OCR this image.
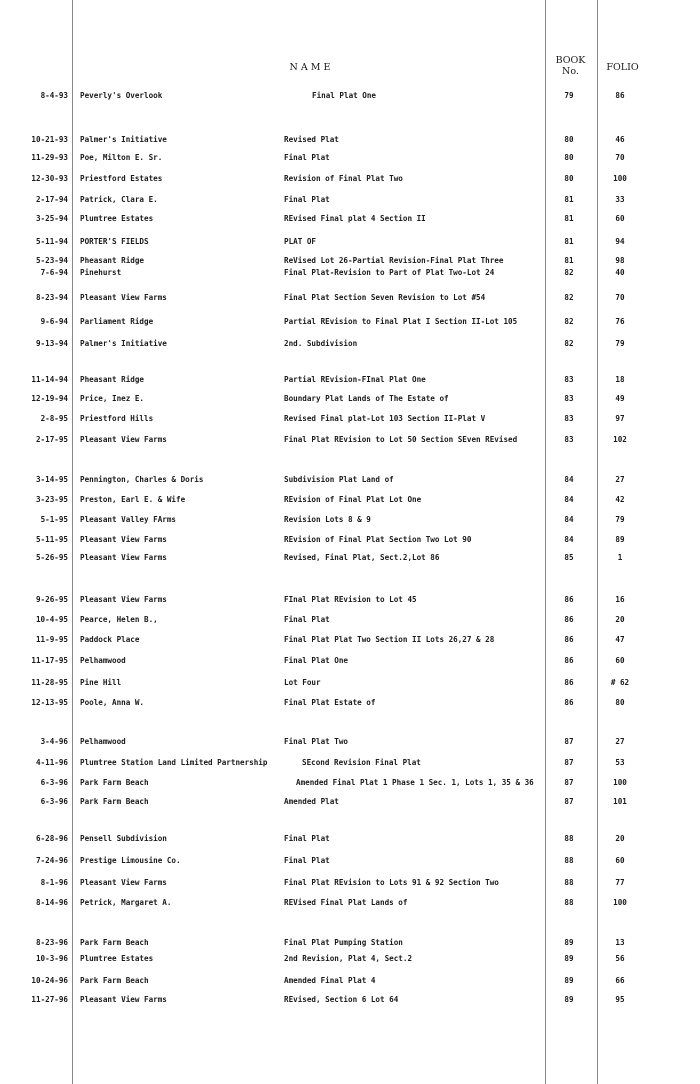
N A M E
BOOK
No.	FOLIO
8-4-93 Peverly's Overlook	Final Plat One	79	86
10-21-93 Palmer's Initiative	Revised Plat	80	46
11-29-93 Poe, Milton E. Sr.	Final Plat	80	70
12-30-93 Priestford Estates	Revision of Final Plat Two	80	100
2-17-94 Patrick, Clara E.	Final Plat	81	33
3-25-94 Plumtree Estates	REvised Final plat 4 Section II	81	60
5-11-94 PORTER'S FIELDS	PLAT OF	81	94
5-23-94 Pheasant Ridge	ReVised Lot 26-Partial Revision-Final Plat Three	81	98
7-6-94 Pinehurst	Final Plat-Revision to Part of Plat Two-Lot 24	82	40
8-23-94 Pleasant View Farms	Final Plat Section Seven Revision to Lot #54	82	70
9-6-94 Parliament Ridge	Partial REvision to Final Plat I Section II-Lot 105	82	76
9-13-94 Palmer's Initiative	2nd. Subdivision	82	79
11-14-94 Pheasant Ridge	Partial REvision-FInal Plat One	83	18
12-19-94 Price, Inez E.	Boundary Plat Lands of The Estate of	83	49
2-8-95 Priestford Hills	Revised Final plat-Lot 103 Section II-Plat V	83	97
2-17-95 Pleasant View Farms	Final Plat REvision to Lot 50 Section SEven REvised	83	102
3-14-95 Pennington, Charles & Doris	Subdivision Plat Land of	84	27
3-23-95 Preston, Earl E. & Wife	REvision of Final Plat Lot One	84	42
5-1-95 Pleasant Valley FArms	Revision Lots 8 & 9	84	79
5-11-95 Pleasant View Farms	REvision of Final Plat Section Two Lot 90	84	89
5-26-95 Pleasant View Farms	Revised, Final Plat, Sect.2,Lot 86	85	1
9-26-95 Pleasant View Farms	FInal Plat REvision to Lot 45	86	16
10-4-95 Pearce, Helen B.,	Final Plat	86	20
11-9-95 Paddock Place	Final Plat Plat Two Section II Lots 26,27 & 28	86	47
11-17-95 Pelhamwood	Final Plat One	86	60
11-28-95 Pine Hill	Lot Four	86	# 62
12-13-95 Poole, Anna W.	Final Plat Estate of	86	80
3-4-96 Pelhamwood	Final Plat Two	87	27
4-11-96 Plumtree Station Land Limited Partnership	SEcond Revision Final Plat	87	53
6-3-96 Park Farm Beach	Amended Final Plat 1 Phase 1 Sec. 1, Lots 1, 35 & 36	87	100
6-3-96 Park Farm Beach	Amended Plat	87	101
6-28-96 Pensell Subdivision	Final Plat	88	20
7-24-96 Prestige Limousine Co.	Final Plat	88	60
8-1-96 Pleasant View Farms	Final Plat REvision to Lots 91 & 92 Section Two	88	77
8-14-96 Petrick, Margaret A.	REVised Final Plat Lands of	88	100
8-23-96 Park Farm Beach	Final Plat Pumping Station	89	13
10-3-96 Plumtree Estates	2nd Revision, Plat 4, Sect.2	89	56
10-24-96 Park Farm Beach	Amended Final Plat 4	89	66
11-27-96 Pleasant View Farms	REvised, Section 6 Lot 64	89	95
